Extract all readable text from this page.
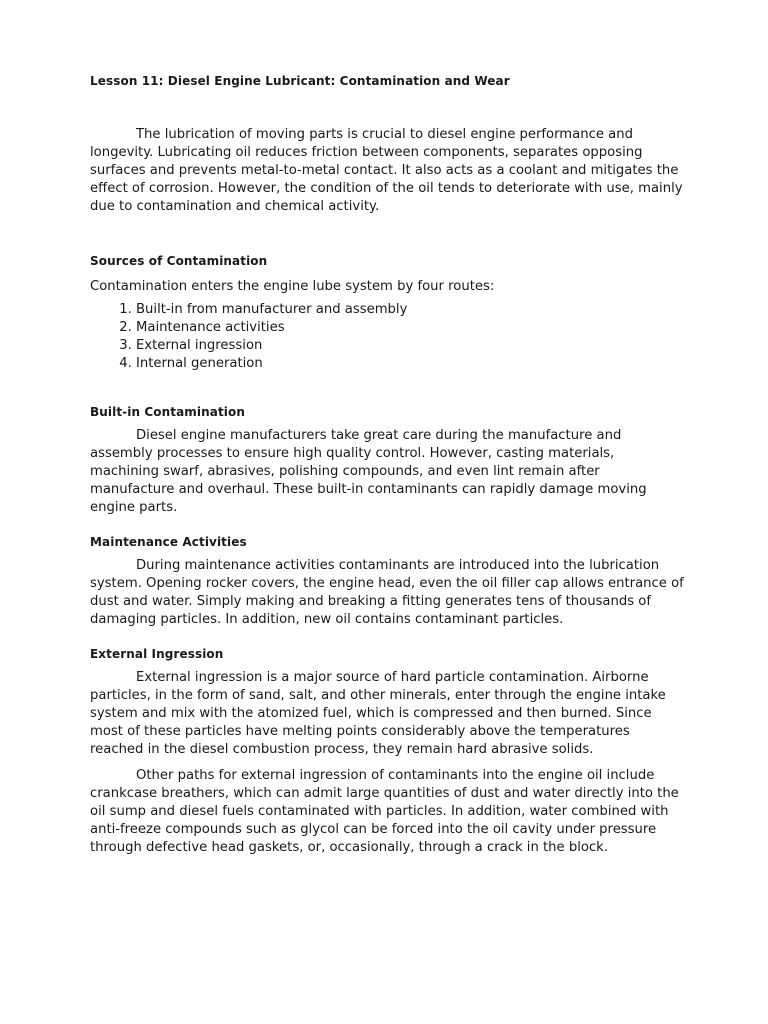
Lesson 11: Diesel Engine Lubricant: Contamination and Wear

The lubrication of moving parts is crucial to diesel engine performance and longevity. Lubricating oil reduces friction between components, separates opposing surfaces and prevents metal-to-metal contact. It also acts as a coolant and mitigates the effect of corrosion. However, the condition of the oil tends to deteriorate with use, mainly due to contamination and chemical activity.

Sources of Contamination

Contamination enters the engine lube system by four routes:

1. Built-in from manufacturer and assembly
2. Maintenance activities
3. External ingression
4. Internal generation

Built-in Contamination

Diesel engine manufacturers take great care during the manufacture and assembly processes to ensure high quality control. However, casting materials, machining swarf, abrasives, polishing compounds, and even lint remain after manufacture and overhaul. These built-in contaminants can rapidly damage moving engine parts.

Maintenance Activities

During maintenance activities contaminants are introduced into the lubrication system. Opening rocker covers, the engine head, even the oil filler cap allows entrance of dust and water. Simply making and breaking a fitting generates tens of thousands of damaging particles. In addition, new oil contains contaminant particles.

External Ingression

External ingression is a major source of hard particle contamination. Airborne particles, in the form of sand, salt, and other minerals, enter through the engine intake system and mix with the atomized fuel, which is compressed and then burned. Since most of these particles have melting points considerably above the temperatures reached in the diesel combustion process, they remain hard abrasive solids.

Other paths for external ingression of contaminants into the engine oil include crankcase breathers, which can admit large quantities of dust and water directly into the oil sump and diesel fuels contaminated with particles. In addition, water combined with anti-freeze compounds such as glycol can be forced into the oil cavity under pressure through defective head gaskets, or, occasionally, through a crack in the block.
